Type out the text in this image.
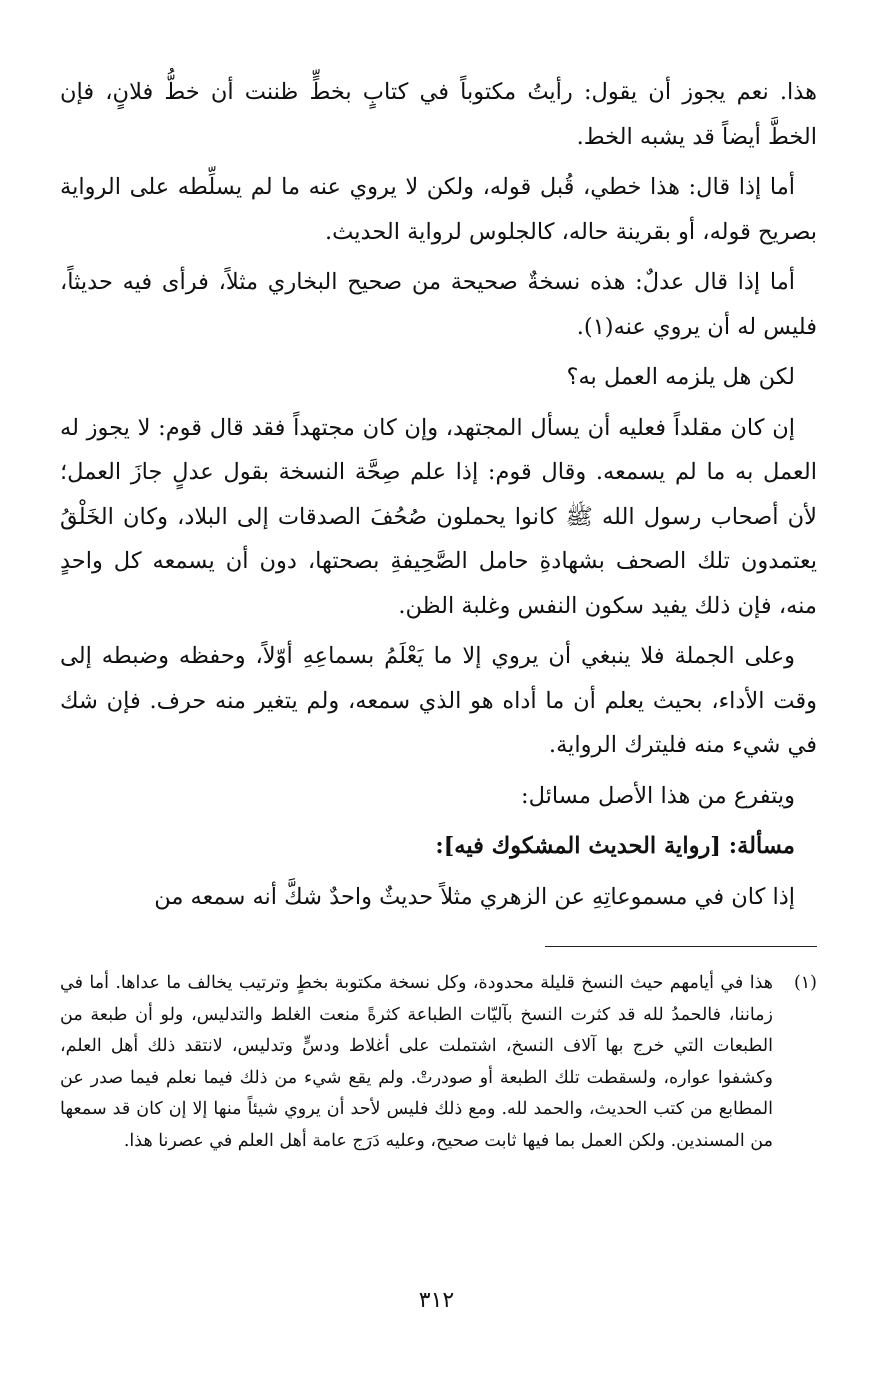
هذا. نعم يجوز أن يقول: رأيتُ مكتوباً في كتابٍ بخطٍّ ظننت أن خطُّ فلانٍ، فإن الخطَّ أيضاً قد يشبه الخط.

أما إذا قال: هذا خطي، قُبل قوله، ولكن لا يروي عنه ما لم يسلِّطه على الرواية بصريح قوله، أو بقرينة حاله، كالجلوس لرواية الحديث.

أما إذا قال عدلٌ: هذه نسخةٌ صحيحة من صحيح البخاري مثلاً، فرأى فيه حديثاً، فليس له أن يروي عنه(١).

لكن هل يلزمه العمل به؟

إن كان مقلداً فعليه أن يسأل المجتهد، وإن كان مجتهداً فقد قال قوم: لا يجوز له العمل به ما لم يسمعه. وقال قوم: إذا علم صِحَّة النسخة بقول عدلٍ جازَ العمل؛ لأن أصحاب رسول الله ﷺ كانوا يحملون صُحُفَ الصدقات إلى البلاد، وكان الخَلْقُ يعتمدون تلك الصحف بشهادةِ حامل الصَّحِيفةِ بصحتها، دون أن يسمعه كل واحدٍ منه، فإن ذلك يفيد سكون النفس وغلبة الظن.

وعلى الجملة فلا ينبغي أن يروي إلا ما يَعْلَمُ بسماعِهِ أوّلاً، وحفظه وضبطه إلى وقت الأداء، بحيث يعلم أن ما أداه هو الذي سمعه، ولم يتغير منه حرف. فإن شك في شيء منه فليترك الرواية.

ويتفرع من هذا الأصل مسائل:

مسألة: [رواية الحديث المشكوك فيه]:

إذا كان في مسموعاتِهِ عن الزهري مثلاً حديثٌ واحدٌ شكَّ أنه سمعه من

(١)
هذا في أيامهم حيث النسخ قليلة محدودة، وكل نسخة مكتوبة بخطٍ وترتيب يخالف ما عداها. أما في زماننا، فالحمدُ لله قد كثرت النسخ بآليّات الطباعة كثرةً منعت الغلط والتدليس، ولو أن طبعة من الطبعات التي خرج بها آلاف النسخ، اشتملت على أغلاط ودسٍّ وتدليس، لانتقد ذلك أهل العلم، وكشفوا عواره، ولسقطت تلك الطبعة أو صودرتْ. ولم يقع شيء من ذلك فيما نعلم فيما صدر عن المطابع من كتب الحديث، والحمد لله. ومع ذلك فليس لأحد أن يروي شيئاً منها إلا إن كان قد سمعها من المسندين. ولكن العمل بما فيها ثابت صحيح، وعليه دَرَج عامة أهل العلم في عصرنا هذا.
٣١٢
